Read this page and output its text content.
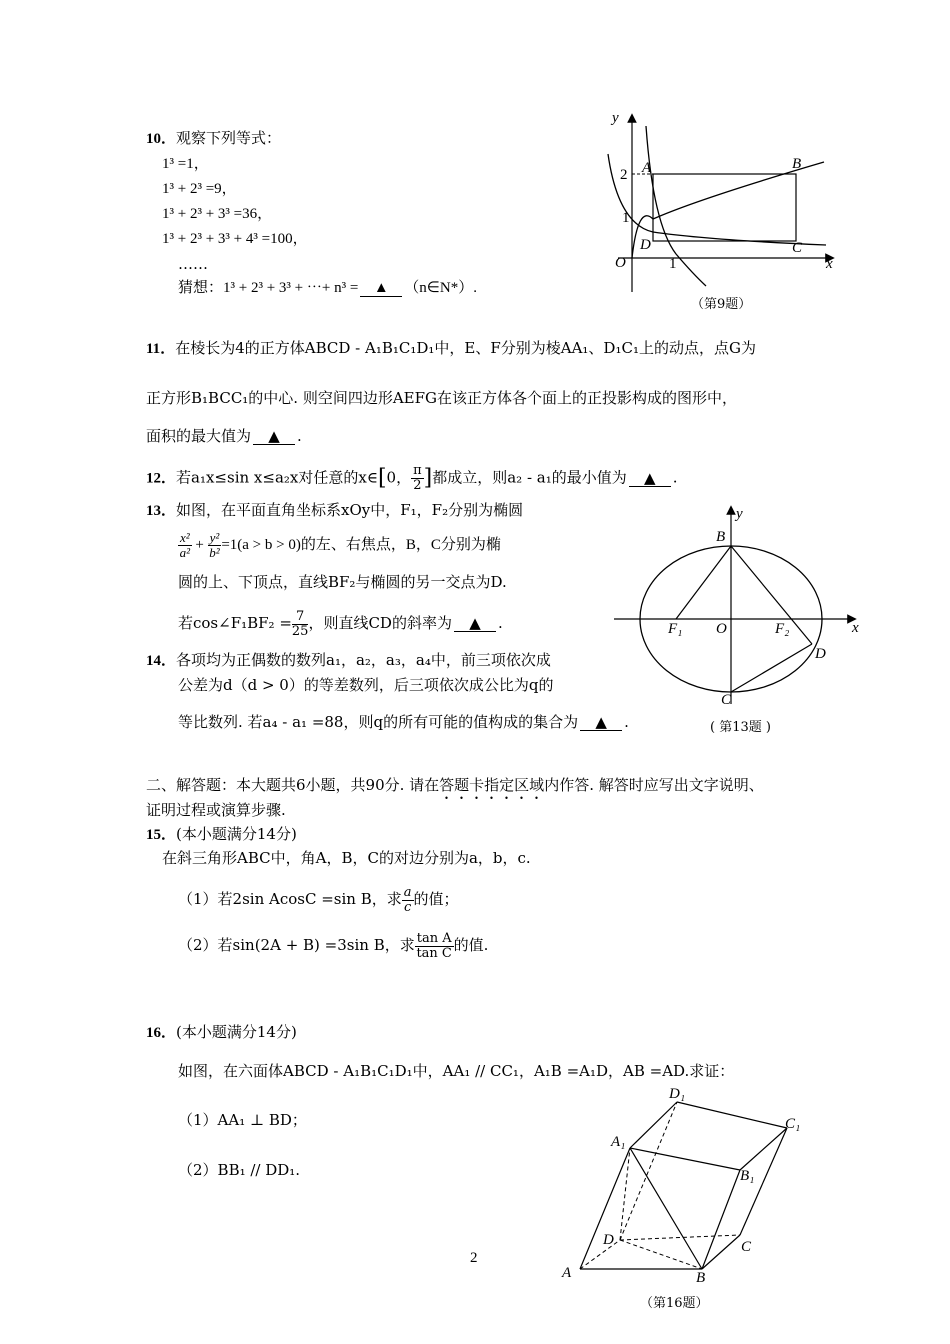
10．观察下列等式：
1³ =1，
1³ + 2³ =9，
1³ + 2³ + 3³ =36，
1³ + 2³ + 3³ + 4³ =100，
……
猜想：1³ + 2³ + 3³ + ⋯+ n³ = ▲ （n∈N*）.
y
x
O
2
1
1
A	B
C
D
（第9题）
11．在棱长为4的正方体ABCD - A₁B₁C₁D₁中，E、F分别为棱AA₁、D₁C₁上的动点，点G为
正方形B₁BCC₁的中心. 则空间四边形AEFG在该正方体各个面上的正投影构成的图形中，
面积的最大值为 ▲ .
12．若a₁x≤sin x≤a₂x对任意的x∈[0， $\frac{\pi}{2}$ ]都成立，则a₂ - a₁的最小值为 ▲ .
13．如图，在平面直角坐标系xOy中，F₁，F₂分别为椭圆
$\frac{\text{x²}}{\text{a²}} + \frac{\text{y²}}{\text{b²}} =1(a > b > 0)$的左、右焦点，B，C分别为椭
圆的上、下顶点，直线BF₂与椭圆的另一交点为D.
若cos∠F₁BF₂ = $\frac{7}{25}$ ，则直线CD的斜率为 ▲ .
y
x
O
B
C
D
F₁	F₂
( 第13题 )
14．各项均为正偶数的数列a₁，a₂，a₃，a₄中，前三项依次成
公差为d（d > 0）的等差数列，后三项依次成公比为q的
等比数列. 若a₄ - a₁ =88，则q的所有可能的值构成的集合为 ▲ .
二、解答题：本大题共6小题，共90分. 请在答题卡指定区域内作答. 解答时应写出文字说明、
证明过程或演算步骤.
15．(本小题满分14分)
在斜三角形ABC中，角A，B，C的对边分别为a，b，c.
（1）若2sin AcosC =sin B，求 $\frac{a}{c}$ 的值；
（2）若sin(2A + B) =3sin B，求 $\frac{\text{tan A}}{\text{tan C}}$ 的值.
16．(本小题满分14分)
如图，在六面体ABCD - A₁B₁C₁D₁中，AA₁ // CC₁，A₁B =A₁D，AB =AD.求证：
（1）AA₁ ⊥ BD；
（2）BB₁ // DD₁.
A	B
C
D
A₁
B₁
C₁
D₁
（第16题）
2
